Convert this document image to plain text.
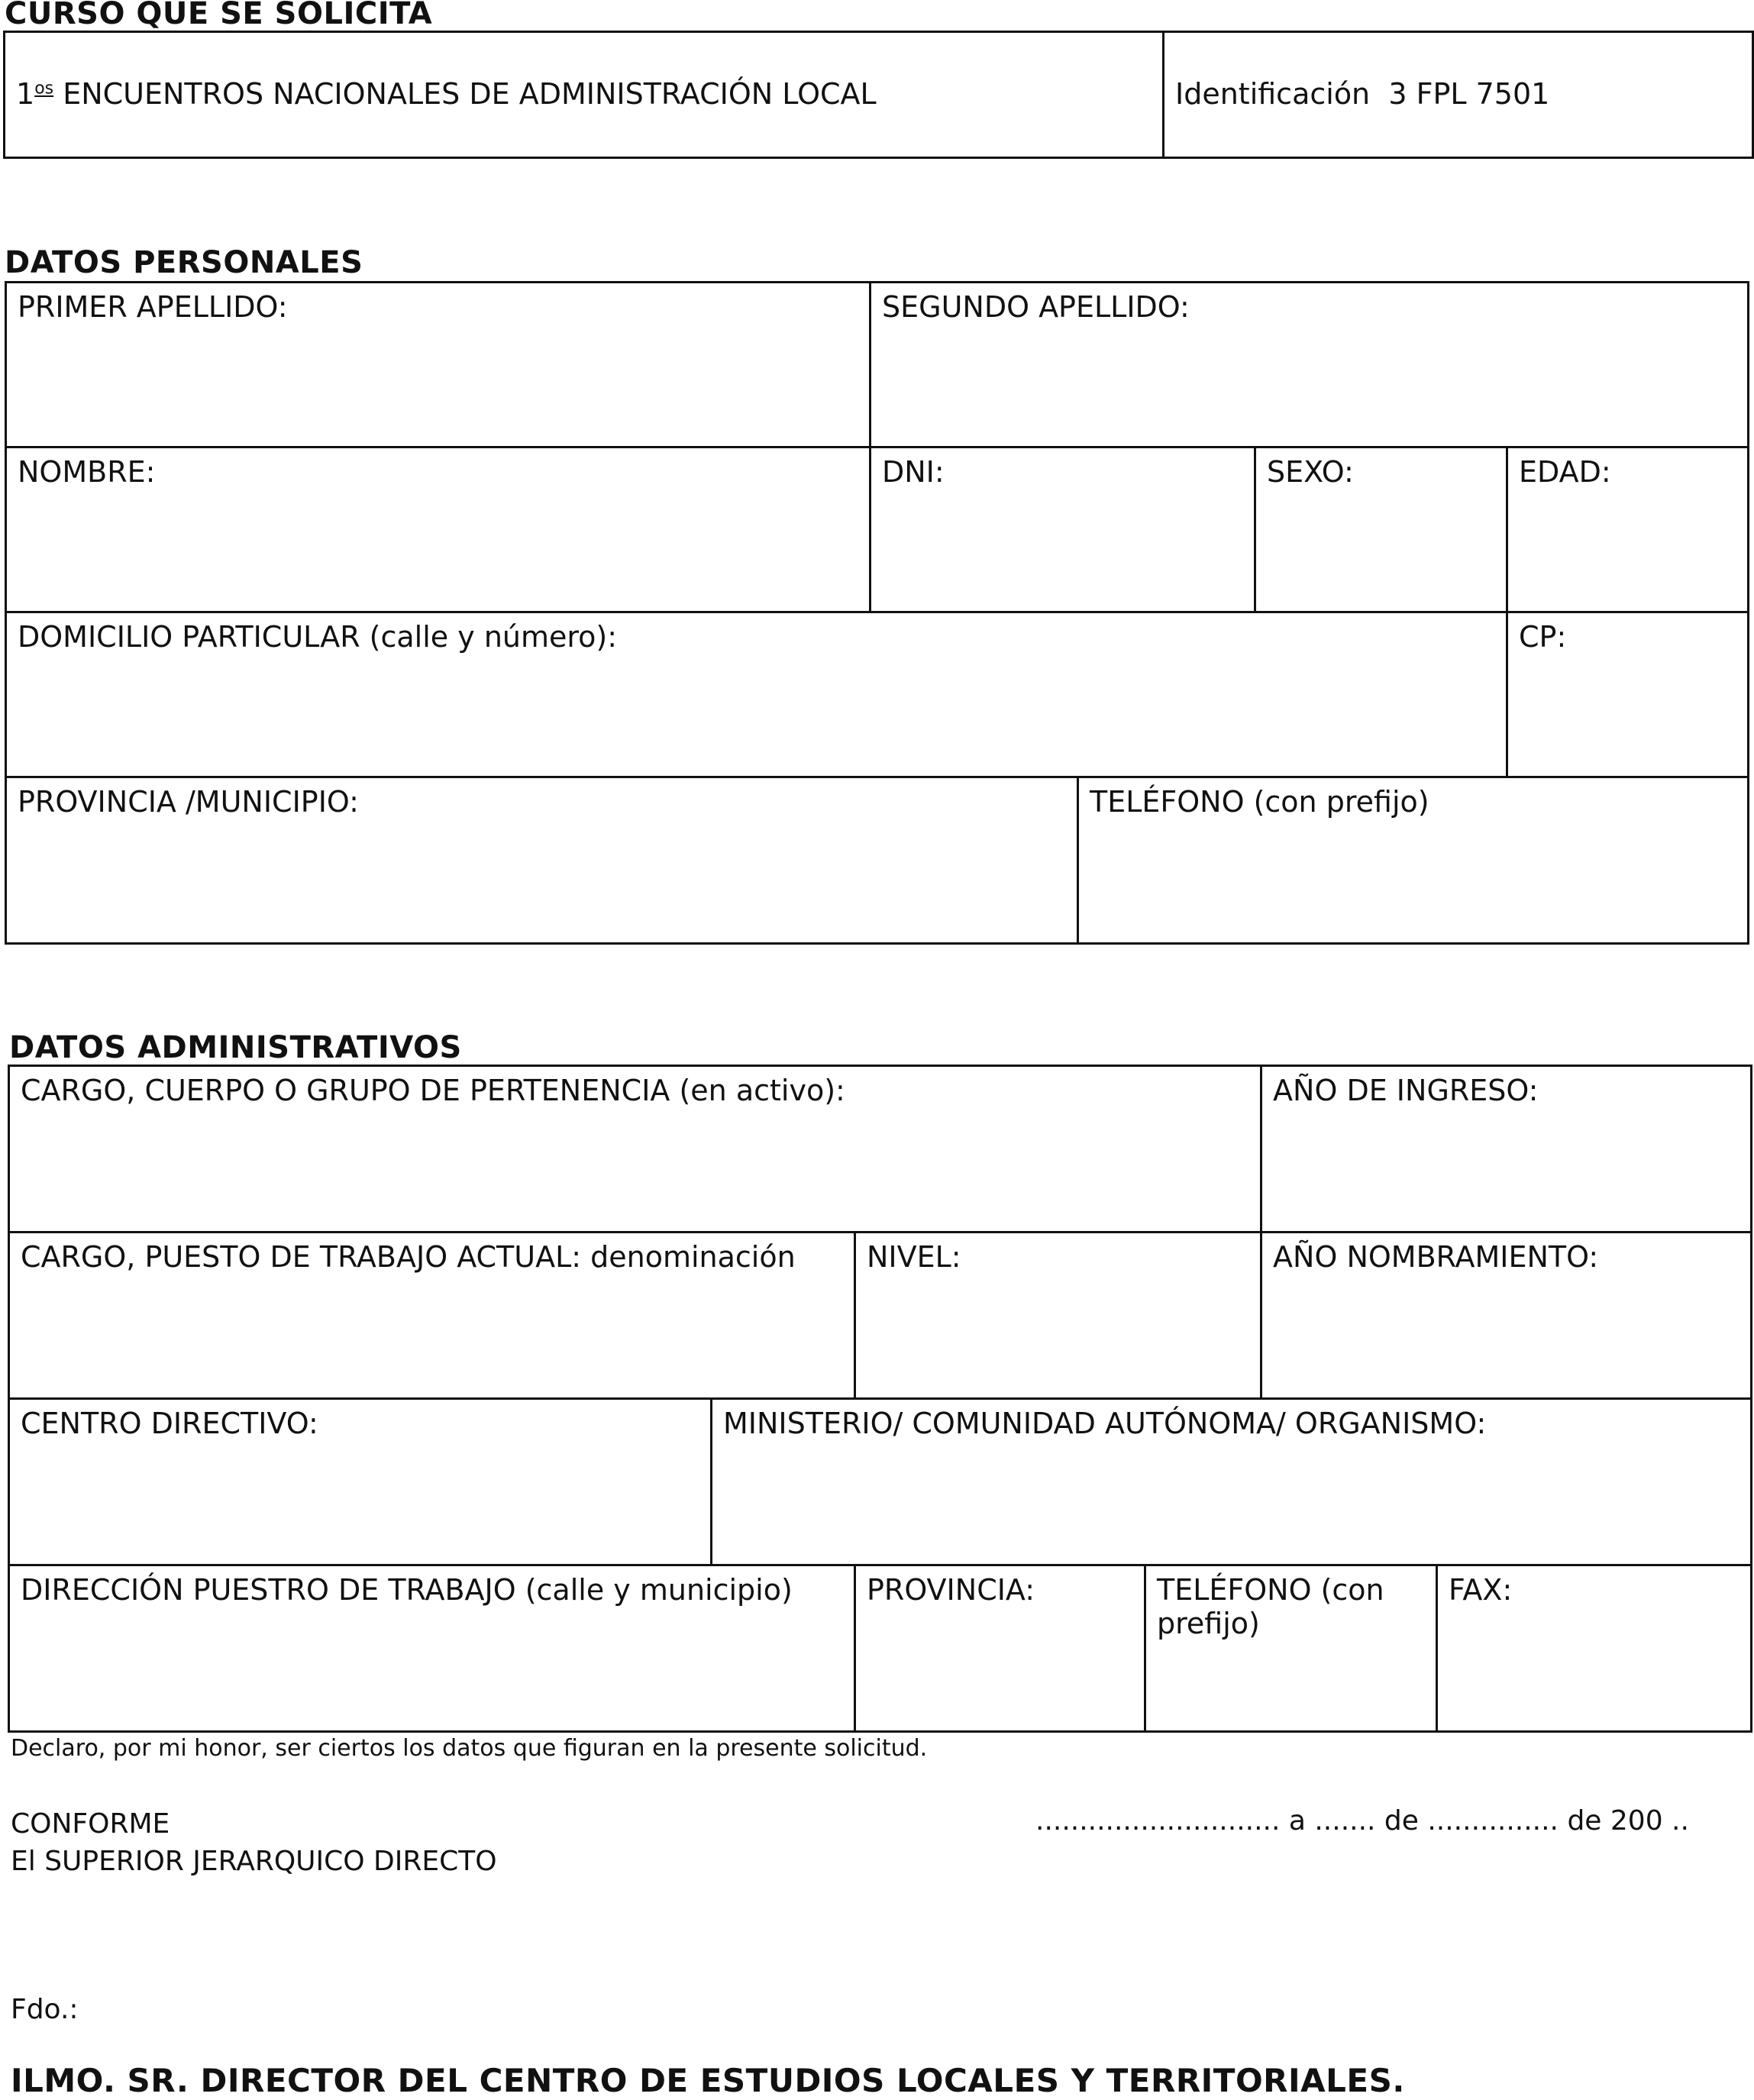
CURSO QUE SE SOLICITA
$1^{os}$ ENCUENTROS NACIONALES DE ADMINISTRACIÓN LOCAL	Identificación 3 FPL 7501
DATOS PERSONALES
PRIMER APELLIDO:	SEGUNDO APELLIDO:			
NOMBRE:	DNI:		SEXO:	EDAD:
DOMICILIO PARTICULAR (calle y número):				CP:
PROVINCIA /MUNICIPIO:		TELÉFONO (con prefijo)		
DATOS ADMINISTRATIVOS
CARGO, CUERPO O GRUPO DE PERTENENCIA (en activo):				AÑO DE INGRESO:	
CARGO, PUESTO DE TRABAJO ACTUAL: denominación		NIVEL:		AÑO NOMBRAMIENTO:	
CENTRO DIRECTIVO:	MINISTERIO/ COMUNIDAD AUTÓNOMA/ ORGANISMO:				
DIRECCIÓN PUESTRO DE TRABAJO (calle y municipio)		PROVINCIA:	TELÉFONO (con prefijo)		FAX:

Declaro, por mi honor, ser ciertos los datos que figuran en la presente solicitud.

CONFORME

El SUPERIOR JERARQUICO DIRECTO

............................ a ....... de ............... de 200 ..

Fdo.:

ILMO. SR. DIRECTOR DEL CENTRO DE ESTUDIOS LOCALES Y TERRITORIALES.
